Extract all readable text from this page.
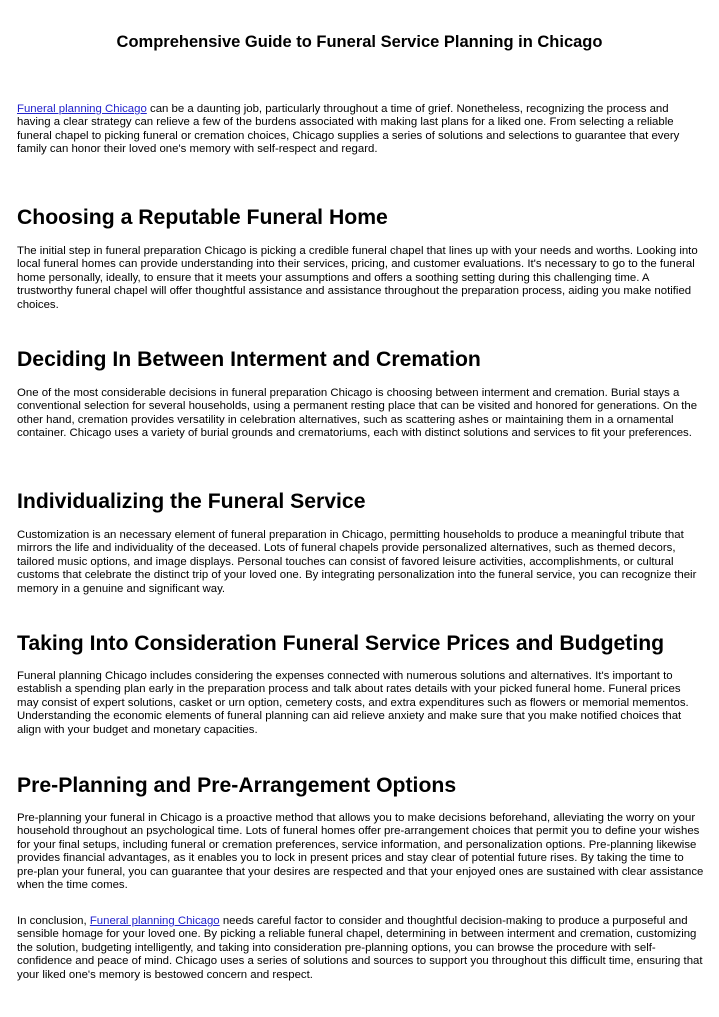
Comprehensive Guide to Funeral Service Planning in Chicago

Funeral planning Chicago can be a daunting job, particularly throughout a time of grief. Nonetheless, recognizing the process and having a clear strategy can relieve a few of the burdens associated with making last plans for a liked one. From selecting a reliable funeral chapel to picking funeral or cremation choices, Chicago supplies a series of solutions and selections to guarantee that every family can honor their loved one's memory with self-respect and regard.

Choosing a Reputable Funeral Home

The initial step in funeral preparation Chicago is picking a credible funeral chapel that lines up with your needs and worths. Looking into local funeral homes can provide understanding into their services, pricing, and customer evaluations. It's necessary to go to the funeral home personally, ideally, to ensure that it meets your assumptions and offers a soothing setting during this challenging time. A trustworthy funeral chapel will offer thoughtful assistance and assistance throughout the preparation process, aiding you make notified choices.

Deciding In Between Interment and Cremation

One of the most considerable decisions in funeral preparation Chicago is choosing between interment and cremation. Burial stays a conventional selection for several households, using a permanent resting place that can be visited and honored for generations. On the other hand, cremation provides versatility in celebration alternatives, such as scattering ashes or maintaining them in a ornamental container. Chicago uses a variety of burial grounds and crematoriums, each with distinct solutions and services to fit your preferences.

Individualizing the Funeral Service

Customization is an necessary element of funeral preparation in Chicago, permitting households to produce a meaningful tribute that mirrors the life and individuality of the deceased. Lots of funeral chapels provide personalized alternatives, such as themed decors, tailored music options, and image displays. Personal touches can consist of favored leisure activities, accomplishments, or cultural customs that celebrate the distinct trip of your loved one. By integrating personalization into the funeral service, you can recognize their memory in a genuine and significant way.

Taking Into Consideration Funeral Service Prices and Budgeting

Funeral planning Chicago includes considering the expenses connected with numerous solutions and alternatives. It's important to establish a spending plan early in the preparation process and talk about rates details with your picked funeral home. Funeral prices may consist of expert solutions, casket or urn option, cemetery costs, and extra expenditures such as flowers or memorial mementos. Understanding the economic elements of funeral planning can aid relieve anxiety and make sure that you make notified choices that align with your budget and monetary capacities.

Pre-Planning and Pre-Arrangement Options

Pre-planning your funeral in Chicago is a proactive method that allows you to make decisions beforehand, alleviating the worry on your household throughout an psychological time. Lots of funeral homes offer pre-arrangement choices that permit you to define your wishes for your final setups, including funeral or cremation preferences, service information, and personalization options. Pre-planning likewise provides financial advantages, as it enables you to lock in present prices and stay clear of potential future rises. By taking the time to pre-plan your funeral, you can guarantee that your desires are respected and that your enjoyed ones are sustained with clear assistance when the time comes.

In conclusion, Funeral planning Chicago needs careful factor to consider and thoughtful decision-making to produce a purposeful and sensible homage for your loved one. By picking a reliable funeral chapel, determining in between interment and cremation, customizing the solution, budgeting intelligently, and taking into consideration pre-planning options, you can browse the procedure with self-confidence and peace of mind. Chicago uses a series of solutions and sources to support you throughout this difficult time, ensuring that your liked one's memory is bestowed concern and respect.
